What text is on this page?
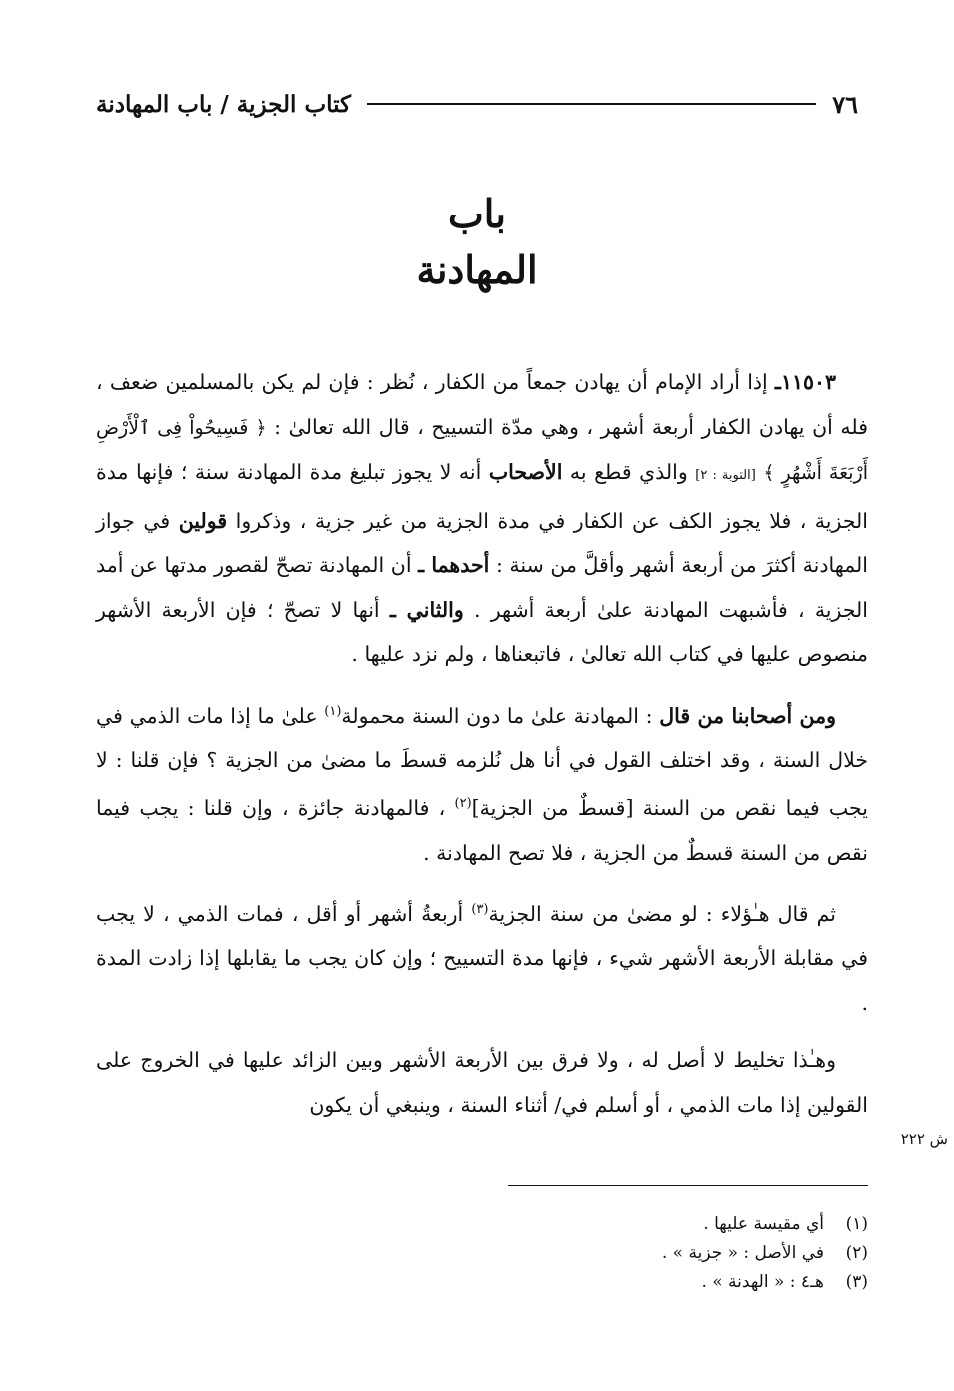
٧٦
كتاب الجزية / باب المهادنة
باب
المهادنة

١١٥٠٣ـ إذا أراد الإمام أن يهادن جمعاً من الكفار ، نُظر : فإن لم يكن بالمسلمين ضعف ، فله أن يهادن الكفار أربعة أشهر ، وهي مدّة التسييح ، قال الله تعالىٰ : ﴿ فَسِيحُواْ فِى ٱلْأَرْضِ أَرْبَعَةَ أَشْهُرٍ ﴾ [التوبة : ٢] والذي قطع به الأصحاب أنه لا يجوز تبليغ مدة المهادنة سنة ؛ فإنها مدة الجزية ، فلا يجوز الكف عن الكفار في مدة الجزية من غير جزية ، وذكروا قولين في جواز المهادنة أكثرَ من أربعة أشهر وأقلَّ من سنة : أحدهما ـ أن المهادنة تصحّ لقصور مدتها عن أمد الجزية ، فأشبهت المهادنة علىٰ أربعة أشهر . والثاني ـ أنها لا تصحّ ؛ فإن الأربعة الأشهر منصوص عليها في كتاب الله تعالىٰ ، فاتبعناها ، ولم نزد عليها .

ومن أصحابنا من قال : المهادنة علىٰ ما دون السنة محمولة$^{(١)}$ علىٰ ما إذا مات الذمي في خلال السنة ، وقد اختلف القول في أنا هل نُلزمه قسطَ ما مضىٰ من الجزية ؟ فإن قلنا : لا يجب فيما نقص من السنة [قسطٌ من الجزية]$^{(٢)}$ ، فالمهادنة جائزة ، وإن قلنا : يجب فيما نقص من السنة قسطٌ من الجزية ، فلا تصح المهادنة .

ثم قال هـٰؤلاء : لو مضىٰ من سنة الجزية$^{(٣)}$ أربعةُ أشهر أو أقل ، فمات الذمي ، لا يجب في مقابلة الأربعة الأشهر شيء ، فإنها مدة التسييح ؛ وإن كان يجب ما يقابلها إذا زادت المدة .

وهـٰذا تخليط لا أصل له ، ولا فرق بين الأربعة الأشهر وبين الزائد عليها في الخروج على القولين إذا مات الذمي ، أو أسلم في/ أثناء السنة ، وينبغي أن يكون

ش ٢٢٢
(١)أي مقيسة عليها .
(٢)في الأصل : « جزية » .
(٣)هـ٤ : « الهدنة » .
